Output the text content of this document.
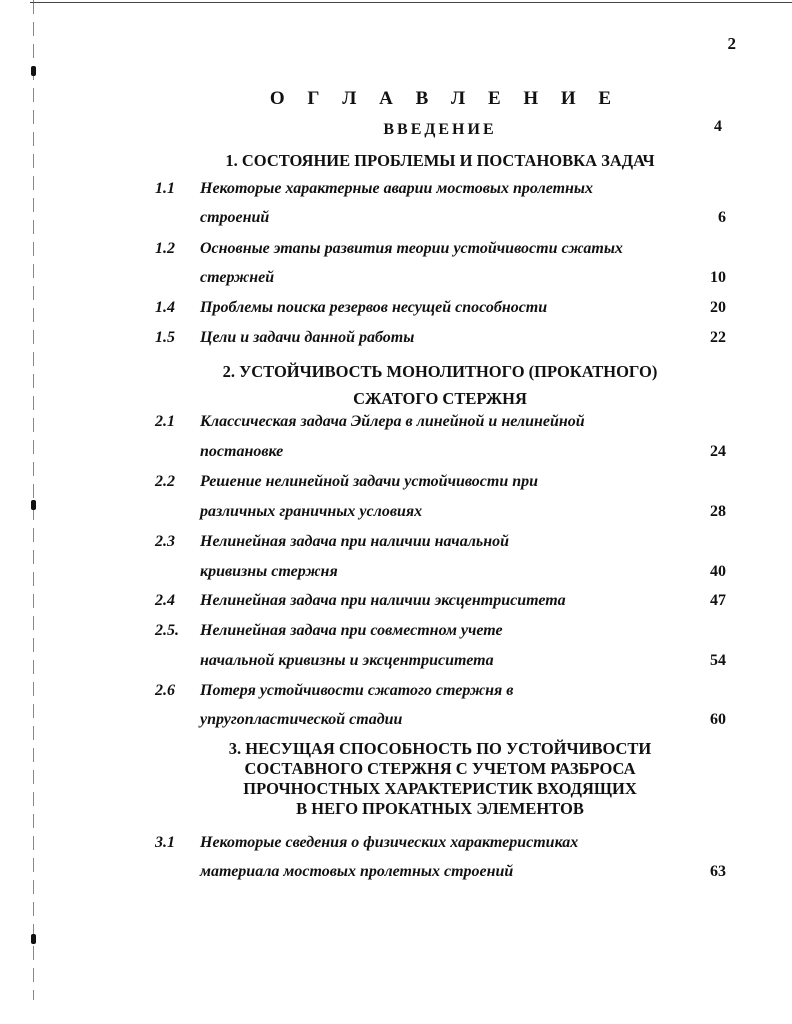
2
О Г Л А В Л Е Н И Е
ВВЕДЕНИЕ	4
1. СОСТОЯНИЕ ПРОБЛЕМЫ И ПОСТАНОВКА ЗАДАЧ
1.1 Некоторые характерные аварии мостовых пролетных
строений	6
1.2 Основные этапы развития теории устойчивости сжатых
стержней	10
1.4 Проблемы поиска резервов несущей способности	20
1.5 Цели и задачи данной работы	22
2. УСТОЙЧИВОСТЬ МОНОЛИТНОГО (ПРОКАТНОГО)
СЖАТОГО СТЕРЖНЯ
2.1 Классическая задача Эйлера в линейной и нелинейной
постановке	24
2.2 Решение нелинейной задачи устойчивости при
различных граничных условиях	28
2.3 Нелинейная задача при наличии начальной
кривизны стержня	40
2.4 Нелинейная задача при наличии эксцентриситета	47
2.5. Нелинейная задача при совместном учете
начальной кривизны и эксцентриситета	54
2.6 Потеря устойчивости сжатого стержня в
упругопластической стадии	60
3. НЕСУЩАЯ СПОСОБНОСТЬ ПО УСТОЙЧИВОСТИ
СОСТАВНОГО СТЕРЖНЯ С УЧЕТОМ РАЗБРОСА
ПРОЧНОСТНЫХ ХАРАКТЕРИСТИК ВХОДЯЩИХ
В НЕГО ПРОКАТНЫХ ЭЛЕМЕНТОВ
3.1 Некоторые сведения о физических характеристиках
материала мостовых пролетных строений	63
